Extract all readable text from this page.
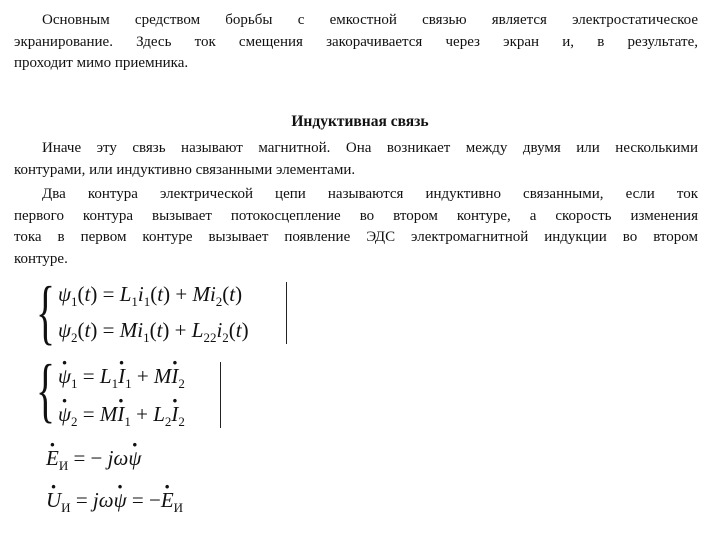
Основным средством борьбы с емкостной связью является электростатическое
экранирование. Здесь ток смещения закорачивается через экран и, в результате,
проходит мимо приемника.
Индуктивная связь
Иначе эту связь называют магнитной. Она возникает между двумя или несколькими
контурами, или индуктивно связанными элементами.
Два контура электрической цепи называются индуктивно связанными, если ток
первого контура вызывает потокосцепление во втором контуре, а скорость изменения
тока в первом контуре вызывает появление ЭДС электромагнитной индукции во втором
контуре.
{ $\psi_1(t) = L_1i_1(t) + Mi_2(t)$
$\psi_2(t) = Mi_1(t) + L_{22}i_2(t)$
{ $\psi \cdot_1 = L_1I \cdot_1$ + MI $\cdot_2$
$\psi \cdot_2$ = MI $\cdot_1 + L_2I \cdot_2$
$E \cdot_И$ = − jωψ ·
$U \cdot_И = j\omega\psi$ · = $-E \cdot_И$
